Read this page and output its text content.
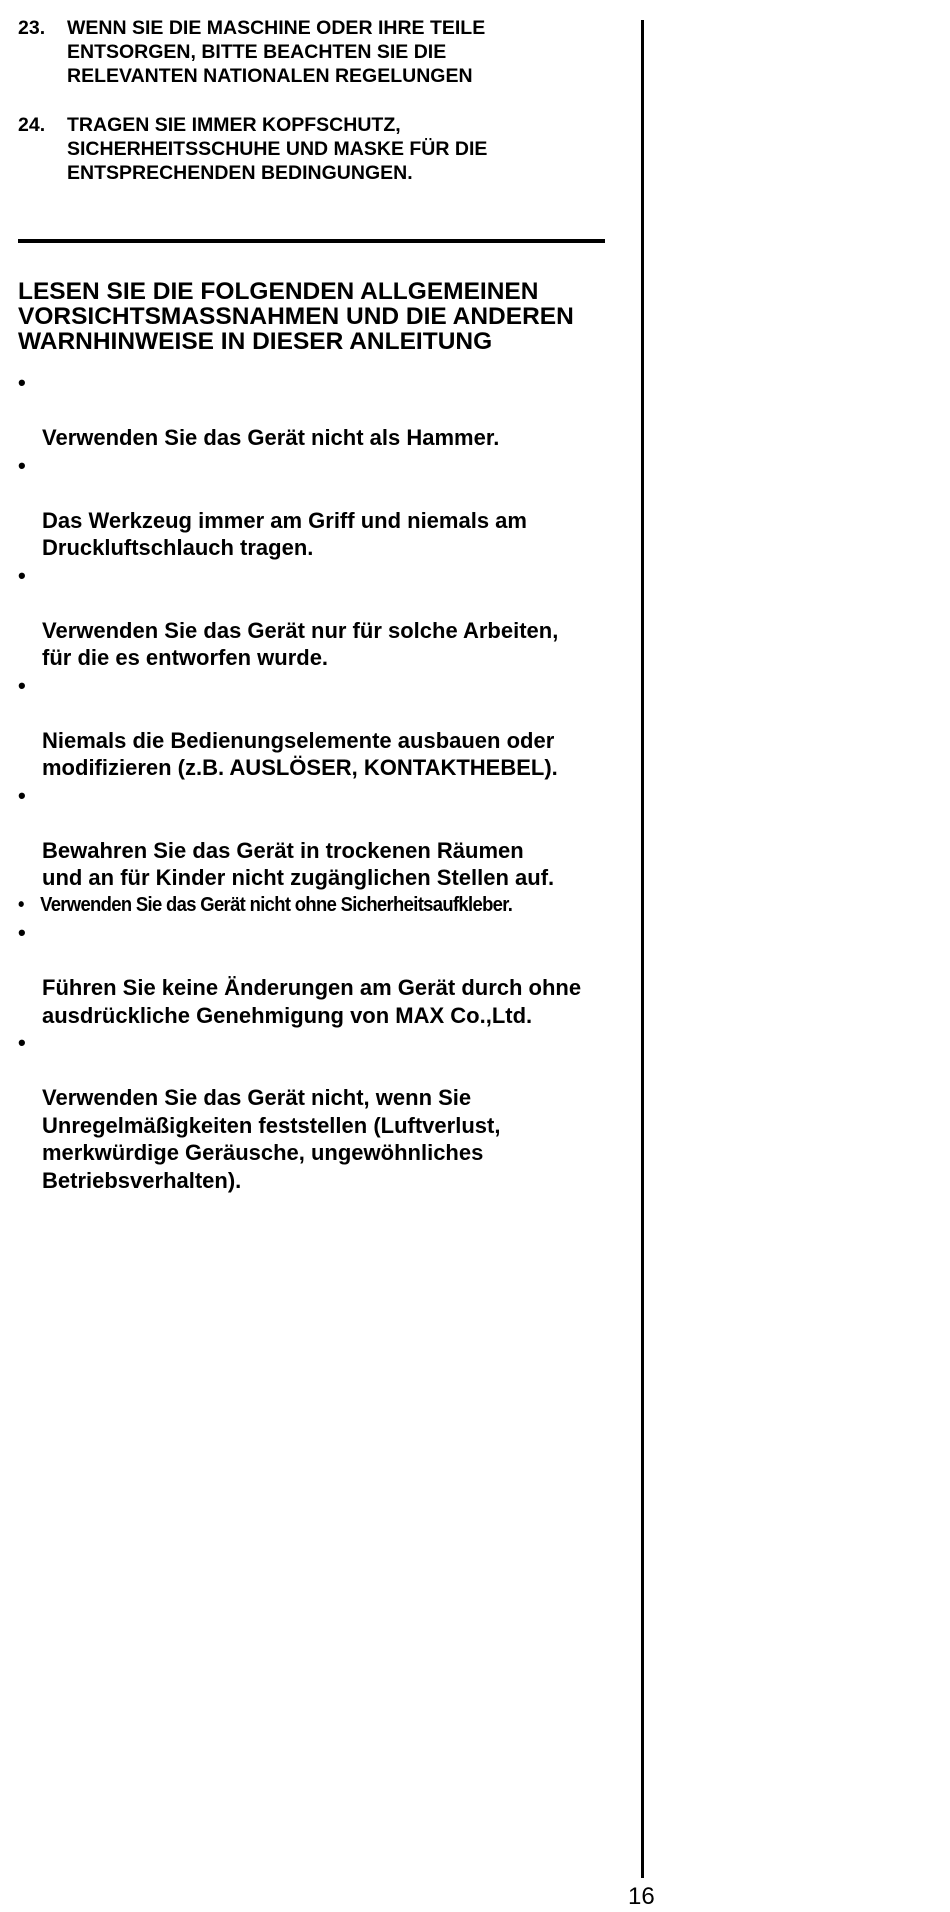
23.	WENN SIE DIE MASCHINE ODER IHRE TEILE
ENTSORGEN, BITTE BEACHTEN SIE DIE
RELEVANTEN NATIONALEN REGELUNGEN
24.	TRAGEN SIE IMMER KOPFSCHUTZ,
SICHERHEITSSCHUHE UND MASKE FÜR DIE
ENTSPRECHENDEN BEDINGUNGEN.
LESEN SIE DIE FOLGENDEN ALLGEMEINEN
VORSICHTSMASSNAHMEN UND DIE ANDEREN
WARNHINWEISE IN DIESER ANLEITUNG

•

Verwenden Sie das Gerät nicht als Hammer.

•

Das Werkzeug immer am Griff und niemals am
Druckluftschlauch tragen.

•

Verwenden Sie das Gerät nur für solche Arbeiten,
für die es entworfen wurde.

•

Niemals die Bedienungselemente ausbauen oder
modifizieren (z.B. AUSLÖSER, KONTAKTHEBEL).

•

Bewahren Sie das Gerät in trockenen Räumen
und an für Kinder nicht zugänglichen Stellen auf.

• Verwenden Sie das Gerät nicht ohne Sicherheitsaufkleber.

•

Führen Sie keine Änderungen am Gerät durch ohne
ausdrückliche Genehmigung von MAX Co.,Ltd.

•

Verwenden Sie das Gerät nicht, wenn Sie
Unregelmäßigkeiten feststellen (Luftverlust,
merkwürdige Geräusche, ungewöhnliches
Betriebsverhalten).

16
